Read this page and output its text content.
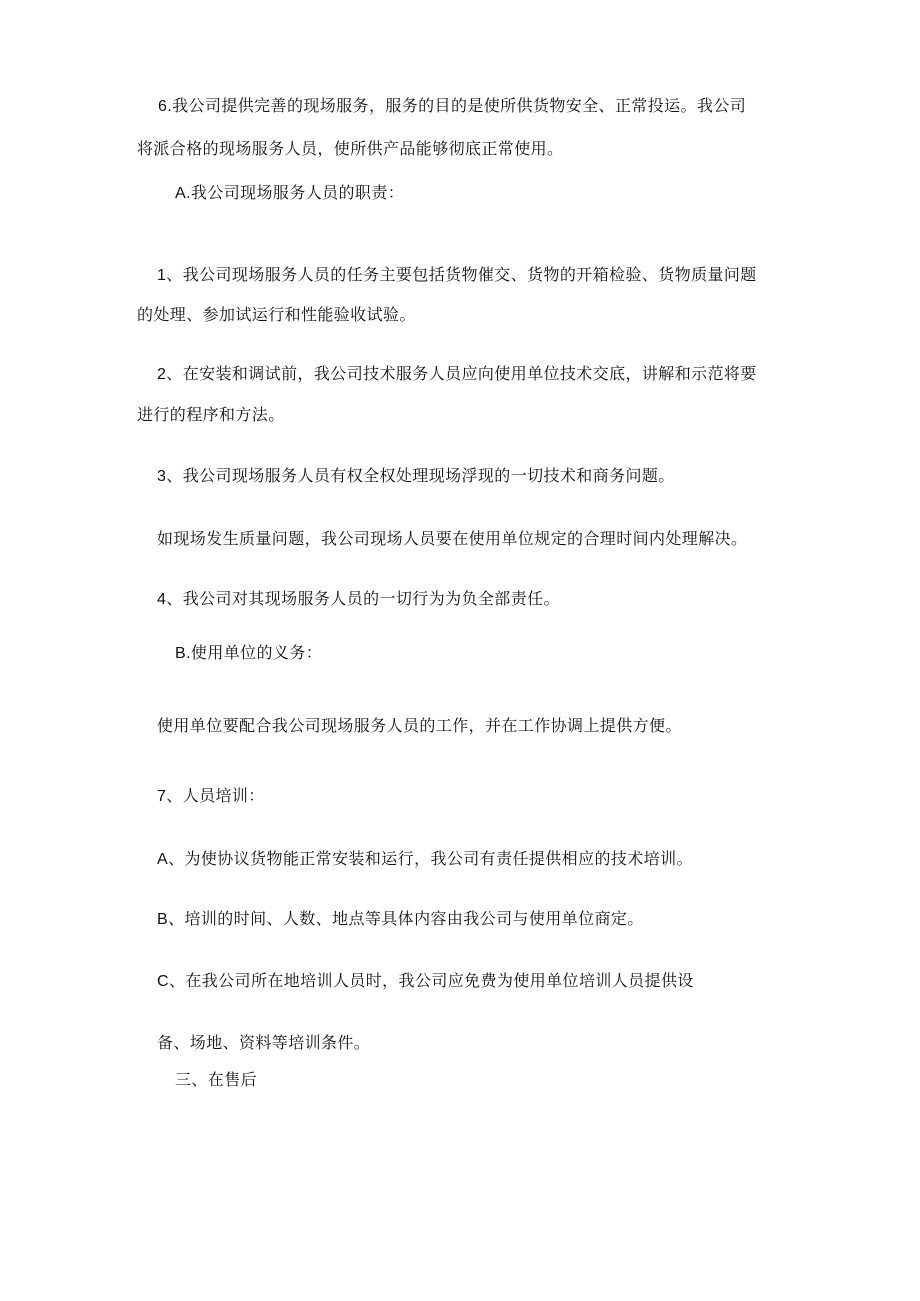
6.我公司提供完善的现场服务，服务的目的是使所供货物安全、正常投运。我公司
将派合格的现场服务人员，使所供产品能够彻底正常使用。
A.我公司现场服务人员的职责：
1、我公司现场服务人员的任务主要包括货物催交、货物的开箱检验、货物质量问题
的处理、参加试运行和性能验收试验。
2、在安装和调试前，我公司技术服务人员应向使用单位技术交底，讲解和示范将要
进行的程序和方法。
3、我公司现场服务人员有权全权处理现场浮现的一切技术和商务问题。
如现场发生质量问题，我公司现场人员要在使用单位规定的合理时间内处理解决。
4、我公司对其现场服务人员的一切行为为负全部责任。
B.使用单位的义务：
使用单位要配合我公司现场服务人员的工作，并在工作协调上提供方便。
7、人员培训：
A、为使协议货物能正常安装和运行，我公司有责任提供相应的技术培训。
B、培训的时间、人数、地点等具体内容由我公司与使用单位商定。
C、在我公司所在地培训人员时，我公司应免费为使用单位培训人员提供设
备、场地、资料等培训条件。
三、在售后
